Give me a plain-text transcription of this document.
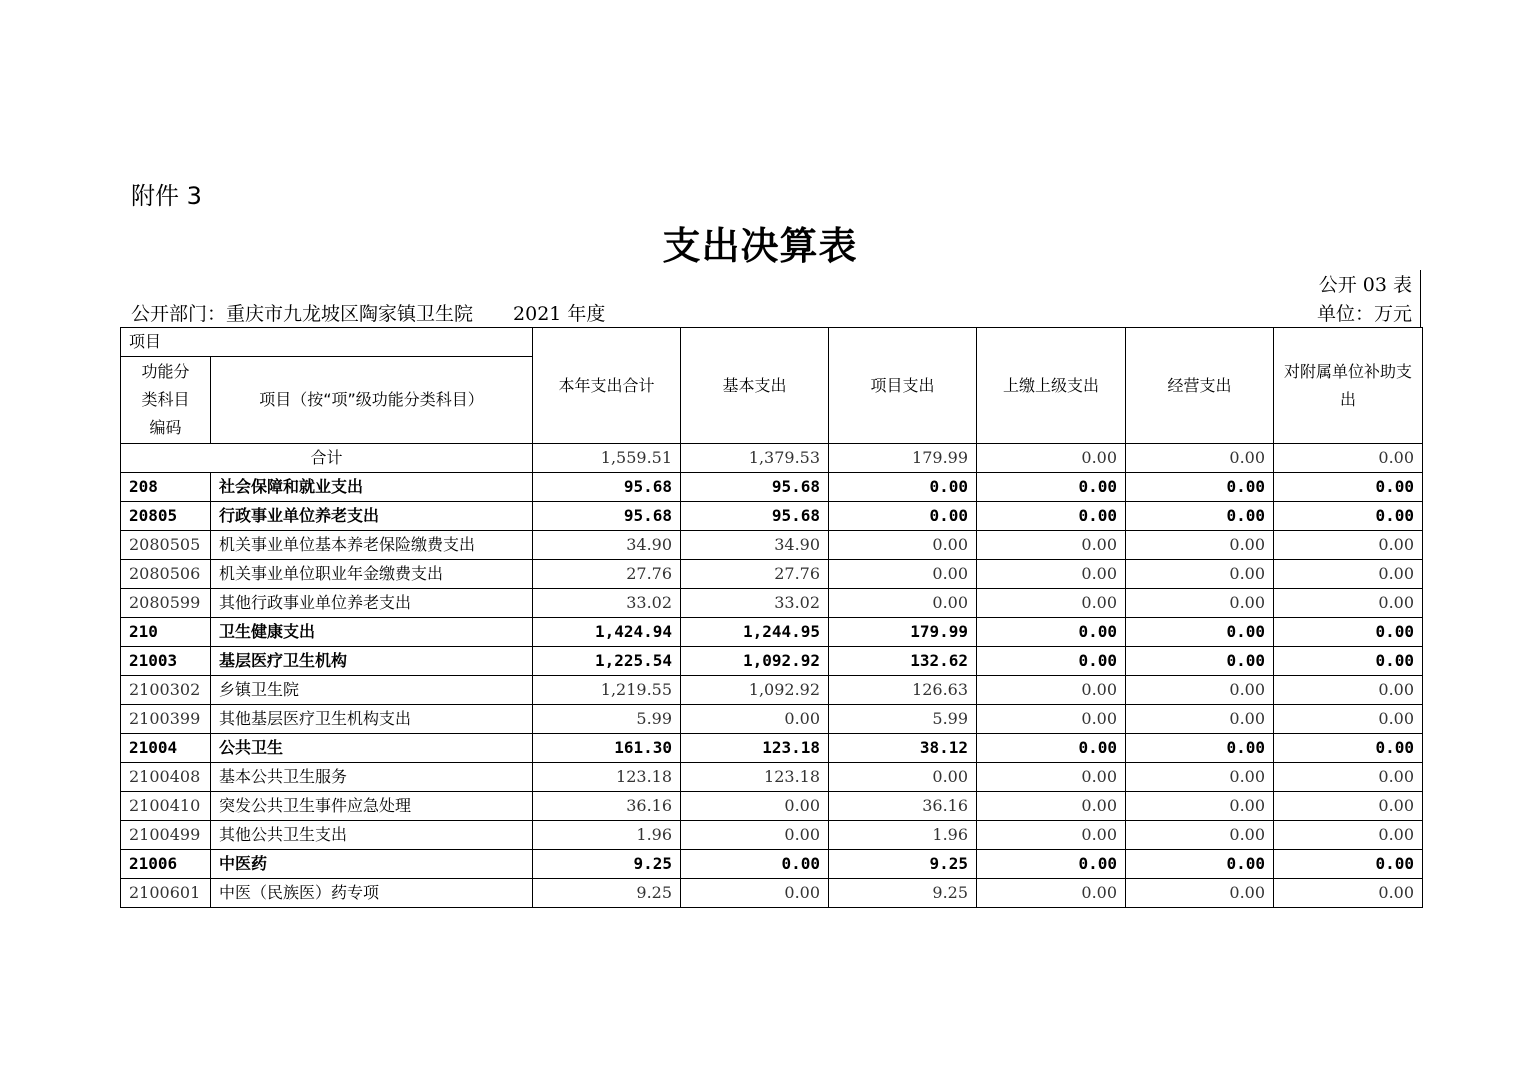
附件 3
支出决算表
公开 03 表
公开部门：重庆市九龙坡区陶家镇卫生院 2021 年度	单位：万元
项目		本年支出合计	基本支出	项目支出	上缴上级支出	经营支出	对附属单位补助支出
功能分类科目编码	项目（按“项”级功能分类科目）						
合计		1,559.51	1,379.53	179.99	0.00	0.00	0.00
208	社会保障和就业支出	95.68	95.68	0.00	0.00	0.00	0.00
20805	行政事业单位养老支出	95.68	95.68	0.00	0.00	0.00	0.00
2080505	机关事业单位基本养老保险缴费支出	34.90	34.90	0.00	0.00	0.00	0.00
2080506	机关事业单位职业年金缴费支出	27.76	27.76	0.00	0.00	0.00	0.00
2080599	其他行政事业单位养老支出	33.02	33.02	0.00	0.00	0.00	0.00
210	卫生健康支出	1,424.94	1,244.95	179.99	0.00	0.00	0.00
21003	基层医疗卫生机构	1,225.54	1,092.92	132.62	0.00	0.00	0.00
2100302	乡镇卫生院	1,219.55	1,092.92	126.63	0.00	0.00	0.00
2100399	其他基层医疗卫生机构支出	5.99	0.00	5.99	0.00	0.00	0.00
21004	公共卫生	161.30	123.18	38.12	0.00	0.00	0.00
2100408	基本公共卫生服务	123.18	123.18	0.00	0.00	0.00	0.00
2100410	突发公共卫生事件应急处理	36.16	0.00	36.16	0.00	0.00	0.00
2100499	其他公共卫生支出	1.96	0.00	1.96	0.00	0.00	0.00
21006	中医药	9.25	0.00	9.25	0.00	0.00	0.00
2100601	中医（民族医）药专项	9.25	0.00	9.25	0.00	0.00	0.00
